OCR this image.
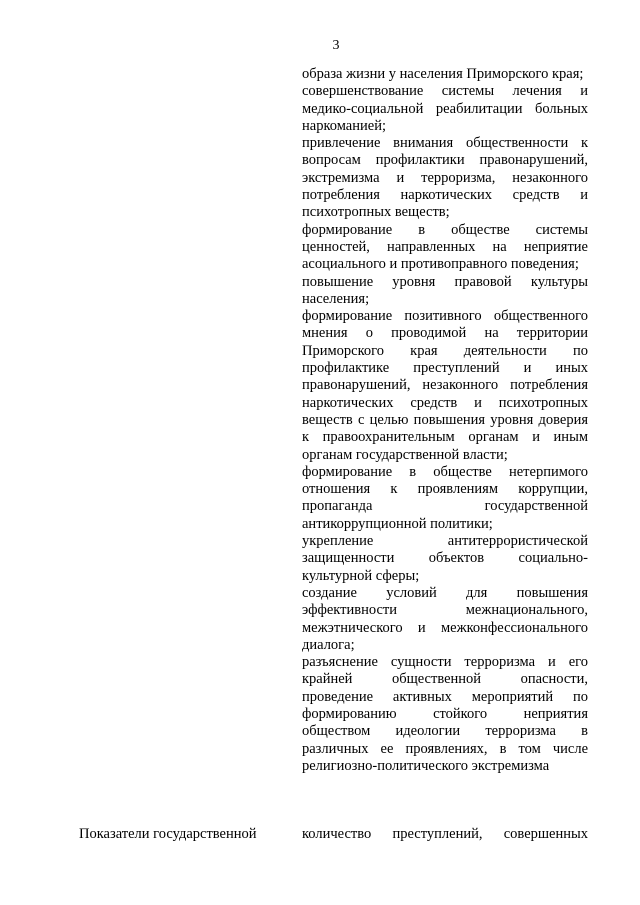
3

образа жизни у населения Приморского края;

совершенствование системы лечения и медико-социальной реабилитации больных наркоманией;

привлечение внимания общественности к вопросам профилактики правонарушений, экстремизма и терроризма, незаконного потребления наркотических средств и психотропных веществ;

формирование в обществе системы ценностей, направленных на неприятие асоциального и противоправного поведения;

повышение уровня правовой культуры населения;

формирование позитивного общественного мнения о проводимой на территории Приморского края деятельности по профилактике преступлений и иных правонарушений, незаконного потребления наркотических средств и психотропных веществ с целью повышения уровня доверия к правоохранительным органам и иным органам государственной власти;

формирование в обществе нетерпимого отношения к проявлениям коррупции, пропаганда государственной антикоррупционной политики;

укрепление антитеррористической защищенности объектов социально-культурной сферы;

создание условий для повышения эффективности межнационального, межэтнического и межконфессионального диалога;

разъяснение сущности терроризма и его крайней общественной опасности, проведение активных мероприятий по формированию стойкого неприятия обществом идеологии терроризма в различных ее проявлениях, в том числе религиозно-политического экстремизма

Показатели государственной	количество преступлений, совершенных
